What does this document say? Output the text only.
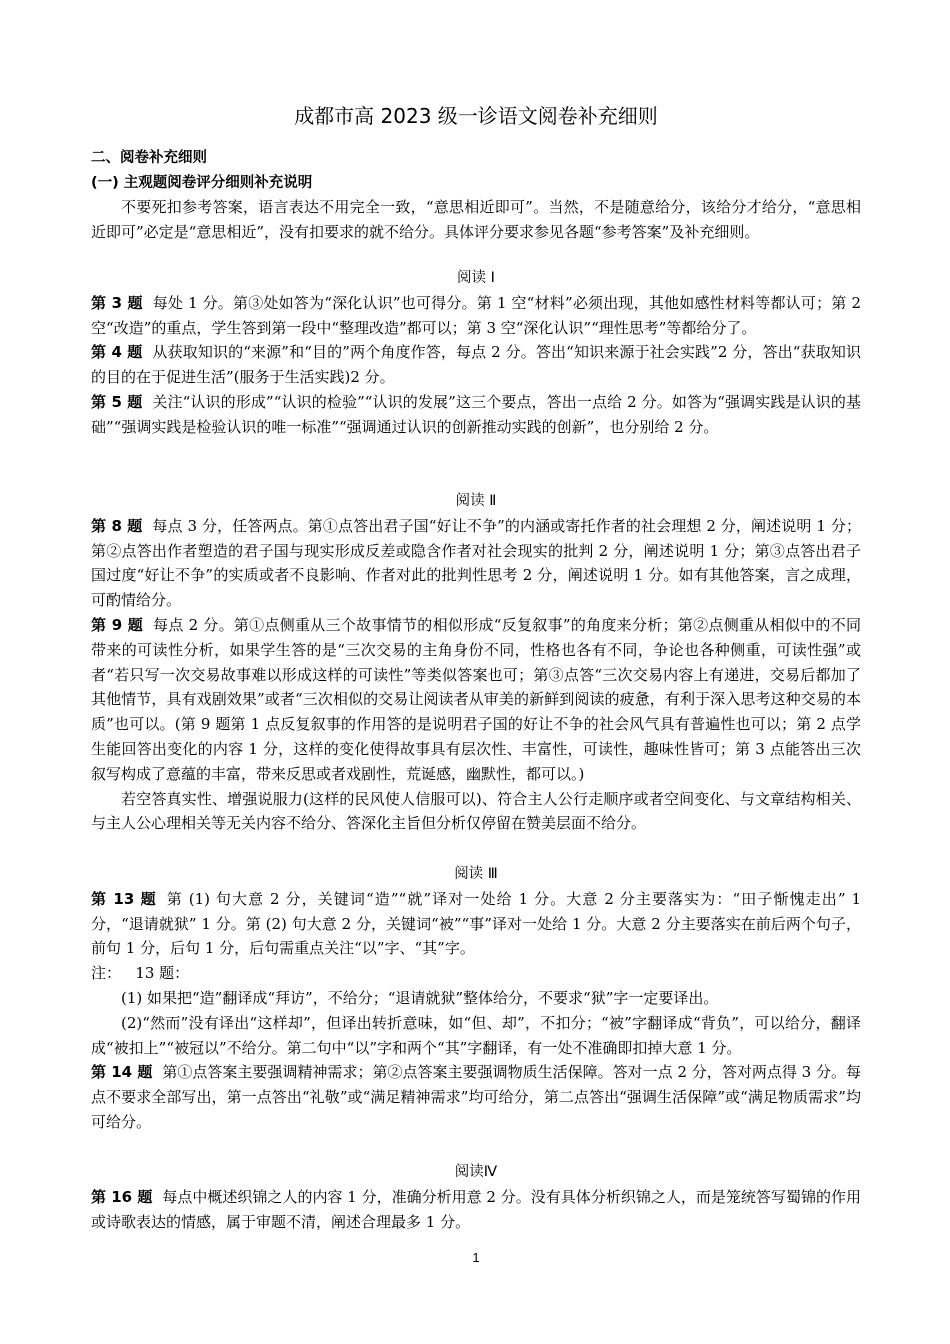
成都市高 2023 级一诊语文阅卷补充细则

二、阅卷补充细则

(一) 主观题阅卷评分细则补充说明

不要死扣参考答案，语言表达不用完全一致，“意思相近即可”。当然，不是随意给分，该给分才给分，“意思相近即可”必定是“意思相近”，没有扣要求的就不给分。具体评分要求参见各题“参考答案”及补充细则。

阅读 Ⅰ

第 3 题 每处 1 分。第③处如答为“深化认识”也可得分。第 1 空“材料”必须出现，其他如感性材料等都认可；第 2 空“改造”的重点，学生答到第一段中“整理改造”都可以；第 3 空“深化认识”“理性思考”等都给分了。

第 4 题 从获取知识的“来源”和“目的”两个角度作答，每点 2 分。答出“知识来源于社会实践”2 分，答出“获取知识的目的在于促进生活”(服务于生活实践)2 分。

第 5 题 关注“认识的形成”“认识的检验”“认识的发展”这三个要点，答出一点给 2 分。如答为“强调实践是认识的基础”“强调实践是检验认识的唯一标准”“强调通过认识的创新推动实践的创新”，也分别给 2 分。

阅读 Ⅱ

第 8 题 每点 3 分，任答两点。第①点答出君子国“好让不争”的内涵或寄托作者的社会理想 2 分，阐述说明 1 分；第②点答出作者塑造的君子国与现实形成反差或隐含作者对社会现实的批判 2 分，阐述说明 1 分；第③点答出君子国过度“好让不争”的实质或者不良影响、作者对此的批判性思考 2 分，阐述说明 1 分。如有其他答案，言之成理，可酌情给分。

第 9 题 每点 2 分。第①点侧重从三个故事情节的相似形成“反复叙事”的角度来分析；第②点侧重从相似中的不同带来的可读性分析，如果学生答的是“三次交易的主角身份不同，性格也各有不同，争论也各种侧重，可读性强”或者“若只写一次交易故事难以形成这样的可读性”等类似答案也可；第③点答“三次交易内容上有递进，交易后都加了其他情节，具有戏剧效果”或者“三次相似的交易让阅读者从审美的新鲜到阅读的疲惫，有利于深入思考这种交易的本质”也可以。(第 9 题第 1 点反复叙事的作用答的是说明君子国的好让不争的社会风气具有普遍性也可以；第 2 点学生能回答出变化的内容 1 分，这样的变化使得故事具有层次性、丰富性，可读性，趣味性皆可；第 3 点能答出三次叙写构成了意蕴的丰富，带来反思或者戏剧性，荒诞感，幽默性，都可以。)

若空答真实性、增强说服力(这样的民风使人信服可以)、符合主人公行走顺序或者空间变化、与文章结构相关、与主人公心理相关等无关内容不给分、答深化主旨但分析仅停留在赞美层面不给分。

阅读 Ⅲ

第 13 题 第 (1) 句大意 2 分，关键词“造”“就”译对一处给 1 分。大意 2 分主要落实为：“田子惭愧走出” 1 分，“退请就狱” 1 分。第 (2) 句大意 2 分，关键词“被”“事”译对一处给 1 分。大意 2 分主要落实在前后两个句子，前句 1 分，后句 1 分，后句需重点关注“以”字、“其”字。

注： 13 题：

(1) 如果把“造”翻译成“拜访”，不给分；“退请就狱”整体给分，不要求“狱”字一定要译出。

(2)“然而”没有译出“这样却”，但译出转折意味，如“但、却”，不扣分；“被”字翻译成“背负”，可以给分，翻译成“被扣上”“被冠以”不给分。第二句中“以”字和两个“其”字翻译，有一处不准确即扣掉大意 1 分。

第 14 题 第①点答案主要强调精神需求；第②点答案主要强调物质生活保障。答对一点 2 分，答对两点得 3 分。每点不要求全部写出，第一点答出“礼敬”或“满足精神需求”均可给分，第二点答出“强调生活保障”或“满足物质需求”均可给分。

阅读Ⅳ

第 16 题 每点中概述织锦之人的内容 1 分，准确分析用意 2 分。没有具体分析织锦之人，而是笼统答写蜀锦的作用或诗歌表达的情感，属于审题不清，阐述合理最多 1 分。

1
